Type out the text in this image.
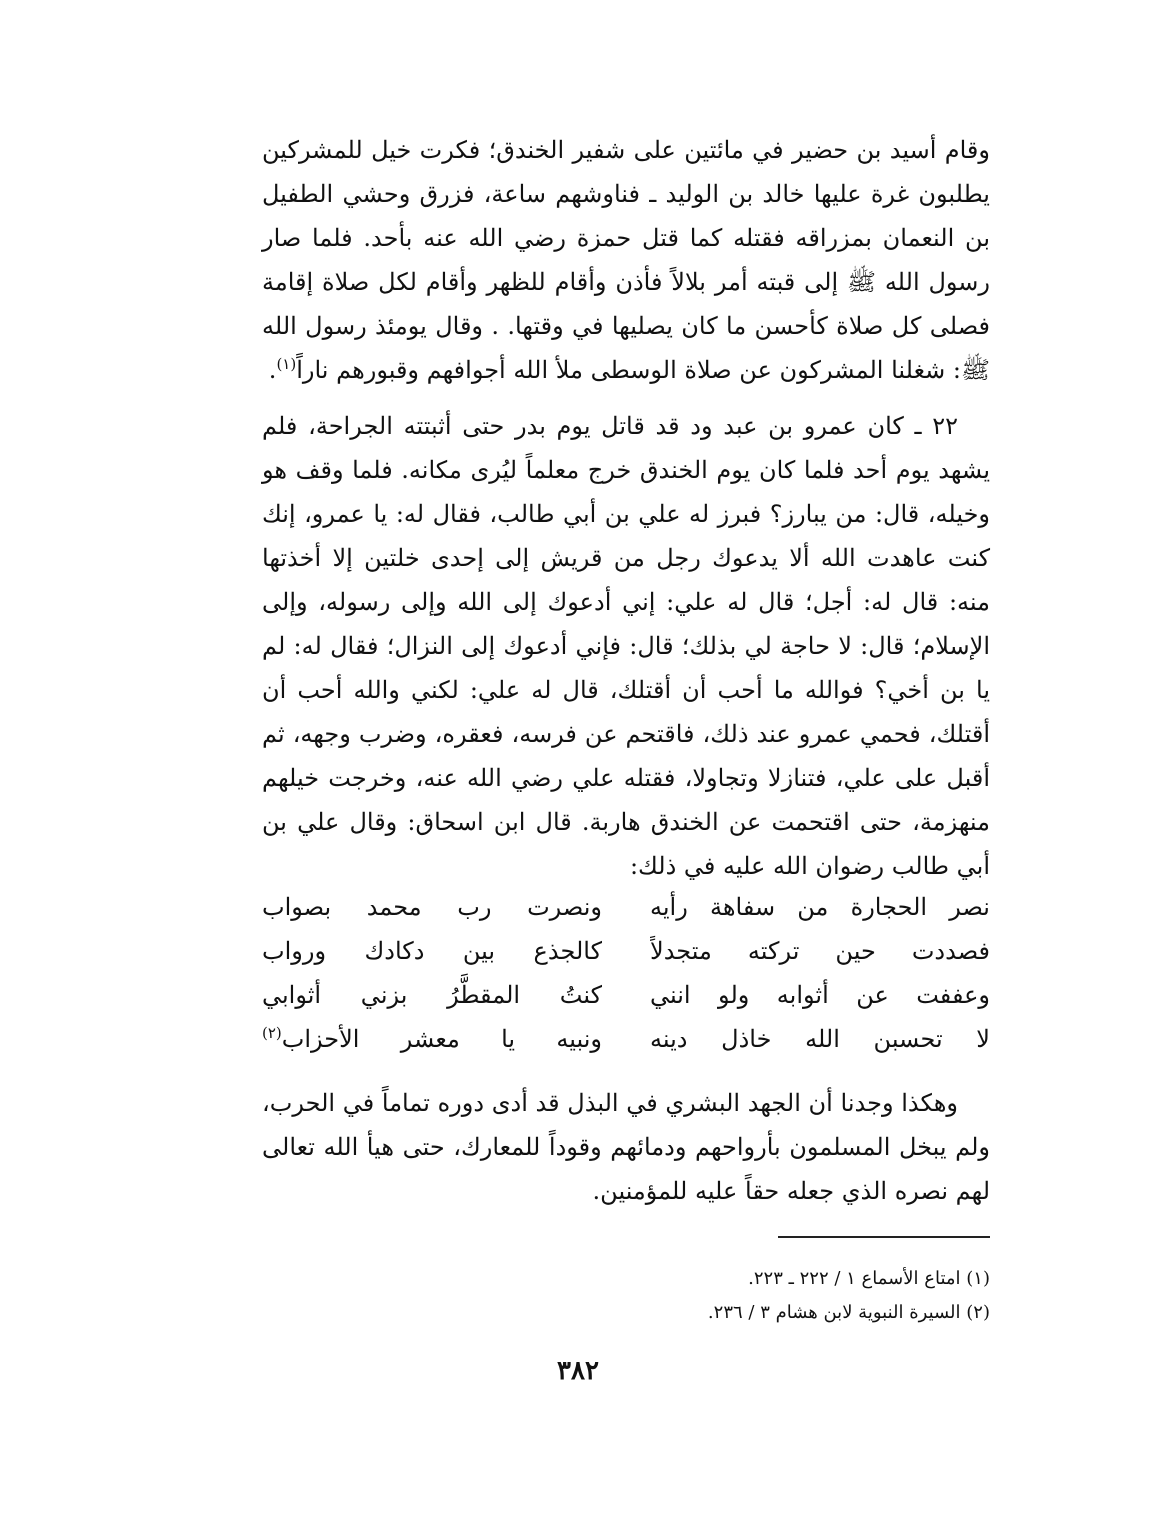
وقام أسيد بن حضير في مائتين على شفير الخندق؛ فكرت خيل للمشركين يطلبون غرة عليها خالد بن الوليد ـ فناوشهم ساعة، فزرق وحشي الطفيل بن النعمان بمزراقه فقتله كما قتل حمزة رضي الله عنه بأحد. فلما صار رسول الله ﷺ إلى قبته أمر بلالاً فأذن وأقام للظهر وأقام لكل صلاة إقامة فصلى كل صلاة كأحسن ما كان يصليها في وقتها. . وقال يومئذ رسول الله ﷺ: شغلنا المشركون عن صلاة الوسطى ملأ الله أجوافهم وقبورهم ناراً$^{(١)}$.

٢٢ ـ كان عمرو بن عبد ود قد قاتل يوم بدر حتى أثبتته الجراحة، فلم يشهد يوم أحد فلما كان يوم الخندق خرج معلماً ليُرى مكانه. فلما وقف هو وخيله، قال: من يبارز؟ فبرز له علي بن أبي طالب، فقال له: يا عمرو، إنك كنت عاهدت الله ألا يدعوك رجل من قريش إلى إحدى خلتين إلا أخذتها منه: قال له: أجل؛ قال له علي: إني أدعوك إلى الله وإلى رسوله، وإلى الإسلام؛ قال: لا حاجة لي بذلك؛ قال: فإني أدعوك إلى النزال؛ فقال له: لم يا بن أخي؟ فوالله ما أحب أن أقتلك، قال له علي: لكني والله أحب أن أقتلك، فحمي عمرو عند ذلك، فاقتحم عن فرسه، فعقره، وضرب وجهه، ثم أقبل على علي، فتنازلا وتجاولا، فقتله علي رضي الله عنه، وخرجت خيلهم منهزمة، حتى اقتحمت عن الخندق هاربة. قال ابن اسحاق: وقال علي بن أبي طالب رضوان الله عليه في ذلك:

نصر الحجارة من سفاهة رأيه
ونصرت رب محمد بصواب
فصددت حين تركته متجدلاً
كالجذع بين دكادك ورواب
وعففت عن أثوابه ولو انني
كنتُ المقطَّرُ بزني أثوابي
لا تحسبن الله خاذل دينه
ونبيه يا معشر الأحزاب$^{(٢)}$

وهكذا وجدنا أن الجهد البشري في البذل قد أدى دوره تماماً في الحرب، ولم يبخل المسلمون بأرواحهم ودمائهم وقوداً للمعارك، حتى هيأ الله تعالى لهم نصره الذي جعله حقاً عليه للمؤمنين.

(١) امتاع الأسماع ١ / ٢٢٢ ـ ٢٢٣.

(٢) السيرة النبوية لابن هشام ٣ / ٢٣٦.

٣٨٢
